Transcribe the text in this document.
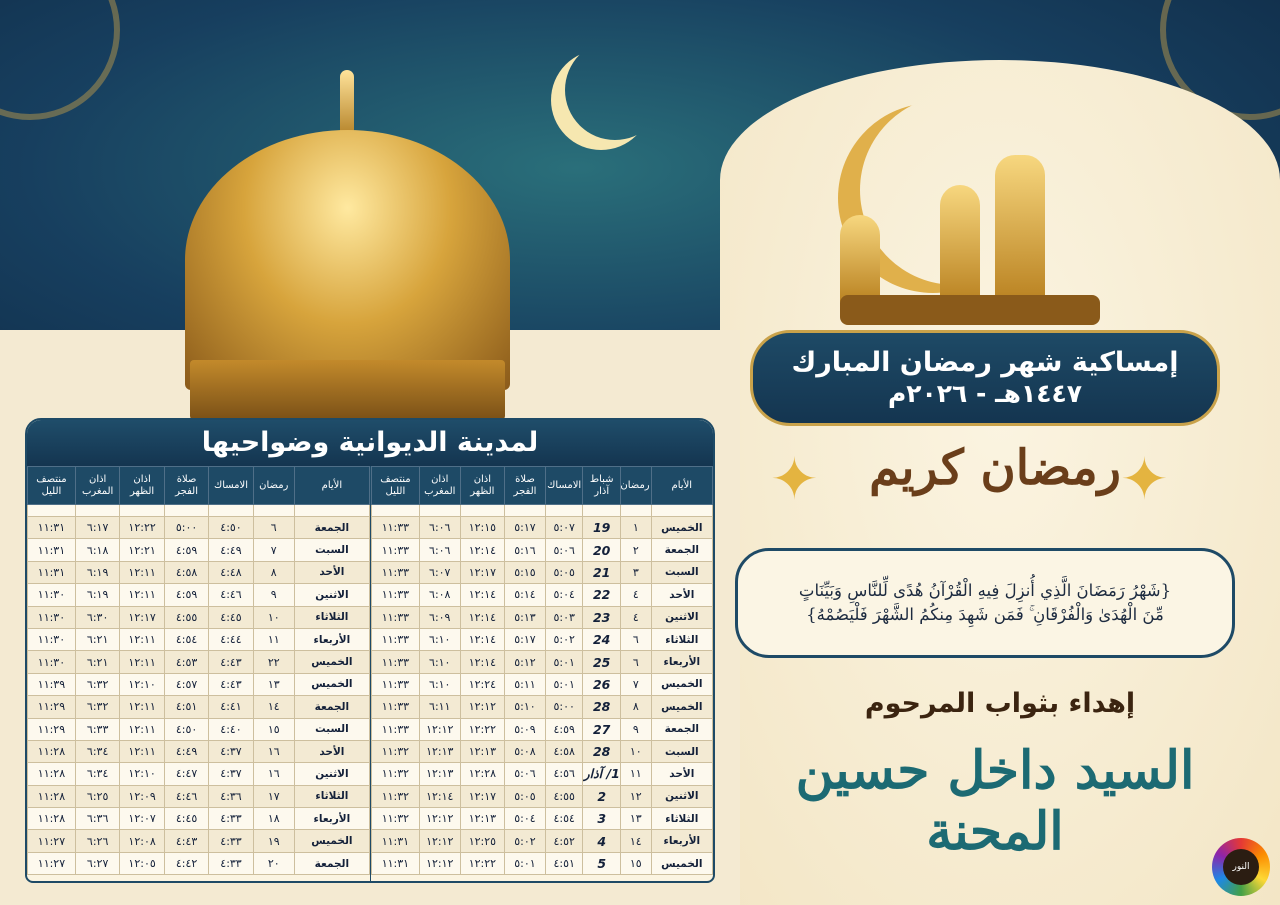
إمساكية شهر رمضان المبارك
١٤٤٧هـ - ٢٠٢٦م
✦	✦
رمضان كريم
{شَهْرُ رَمَضَانَ الَّذِي أُنزِلَ فِيهِ الْقُرْآنُ هُدًى لِّلنَّاسِ وَبَيِّنَاتٍ مِّنَ الْهُدَىٰ وَالْفُرْقَانِ ۚ فَمَن شَهِدَ مِنكُمُ الشَّهْرَ فَلْيَصُمْهُ}
إهداء بثواب المرحوم
السيد داخل حسين المحنة
النور
لمدينة الديوانية وضواحيها
الأيام	رمضان	شباط آذار	الامساك	صلاة الفجر	اذان الظهر	اذان المغرب	منتصف الليل

الخميس	١	19	٥:٠٧	٥:١٧	١٢:١٥	٦:٠٦	١١:٣٣
الجمعة	٢	20	٥:٠٦	٥:١٦	١٢:١٤	٦:٠٦	١١:٣٣
السبت	٣	21	٥:٠٥	٥:١٥	١٢:١٧	٦:٠٧	١١:٣٣
الأحد	٤	22	٥:٠٤	٥:١٤	١٢:١٤	٦:٠٨	١١:٣٣
الاثنين	٤	23	٥:٠٣	٥:١٣	١٢:١٤	٦:٠٩	١١:٣٣
الثلاثاء	٦	24	٥:٠٢	٥:١٧	١٢:١٤	٦:١٠	١١:٣٣
الأربعاء	٦	25	٥:٠١	٥:١٢	١٢:١٤	٦:١٠	١١:٣٣
الخميس	٧	26	٥:٠١	٥:١١	١٢:٢٤	٦:١٠	١١:٣٣
الخميس	٨	28	٥:٠٠	٥:١٠	١٢:١٢	٦:١١	١١:٣٣
الجمعة	٩	27	٤:٥٩	٥:٠٩	١٢:٢٢	١٢:١٢	١١:٣٣
السبت	١٠	28	٤:٥٨	٥:٠٨	١٢:١٣	١٢:١٣	١١:٣٢
الأحد	١١	1/ آذار	٤:٥٦	٥:٠٦	١٢:٢٨	١٢:١٣	١١:٣٢
الاثنين	١٢	2	٤:٥٥	٥:٠٥	١٢:١٧	١٢:١٤	١١:٣٢
الثلاثاء	١٣	3	٤:٥٤	٥:٠٤	١٢:١٣	١٢:١٢	١١:٣٢
الأربعاء	١٤	4	٤:٥٢	٥:٠٢	١٢:٢٥	١٢:١٢	١١:٣١
الخميس	١٥	5	٤:٥١	٥:٠١	١٢:٢٢	١٢:١٢	١١:٣١
الأيام	رمضان	الامساك	صلاة الفجر	اذان الظهر	اذان المغرب	منتصف الليل

الجمعة	٦	٤:٥٠	٥:٠٠	١٢:٢٢	٦:١٧	١١:٣١
السبت	٧	٤:٤٩	٤:٥٩	١٢:٢١	٦:١٨	١١:٣١
الأحد	٨	٤:٤٨	٤:٥٨	١٢:١١	٦:١٩	١١:٣١
الاثنين	٩	٤:٤٦	٤:٥٩	١٢:١١	٦:١٩	١١:٣٠
الثلاثاء	١٠	٤:٤٥	٤:٥٥	١٢:١٧	٦:٣٠	١١:٣٠
الأربعاء	١١	٤:٤٤	٤:٥٤	١٢:١١	٦:٢١	١١:٣٠
الخميس	٢٢	٤:٤٣	٤:٥٣	١٢:١١	٦:٢١	١١:٣٠
الخميس	١٣	٤:٤٣	٤:٥٧	١٢:١٠	٦:٣٢	١١:٣٩
الجمعة	١٤	٤:٤١	٤:٥١	١٢:١١	٦:٣٢	١١:٢٩
السبت	١٥	٤:٤٠	٤:٥٠	١٢:١١	٦:٣٣	١١:٢٩
الأحد	١٦	٤:٣٧	٤:٤٩	١٢:١١	٦:٣٤	١١:٢٨
الاثنين	١٦	٤:٣٧	٤:٤٧	١٢:١٠	٦:٣٤	١١:٢٨
الثلاثاء	١٧	٤:٣٦	٤:٤٦	١٢:٠٩	٦:٢٥	١١:٢٨
الأربعاء	١٨	٤:٣٣	٤:٤٥	١٢:٠٧	٦:٣٦	١١:٢٨
الخميس	١٩	٤:٣٣	٤:٤٣	١٢:٠٨	٦:٢٦	١١:٢٧
الجمعة	٢٠	٤:٣٣	٤:٤٢	١٢:٠٥	٦:٢٧	١١:٢٧
